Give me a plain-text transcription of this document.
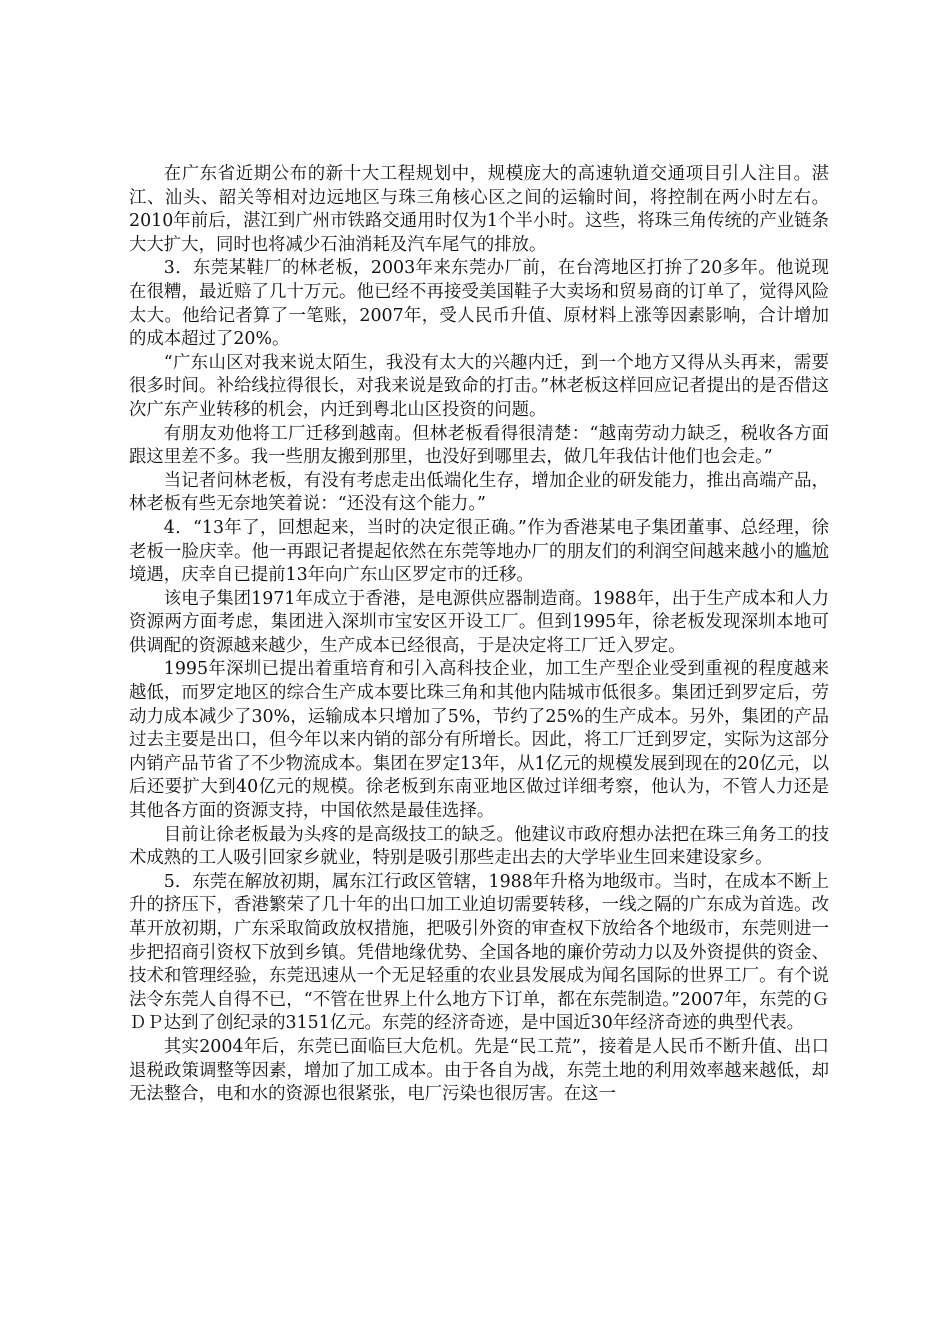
在广东省近期公布的新十大工程规划中，规模庞大的高速轨道交通项目引人注目。湛江、汕头、韶关等相对边远地区与珠三角核心区之间的运输时间，将控制在两小时左右。2010年前后，湛江到广州市铁路交通用时仅为1个半小时。这些，将珠三角传统的产业链条大大扩大，同时也将减少石油消耗及汽车尾气的排放。

3．东莞某鞋厂的林老板，2003年来东莞办厂前，在台湾地区打拚了20多年。他说现在很糟，最近赔了几十万元。他已经不再接受美国鞋子大卖场和贸易商的订单了，觉得风险太大。他给记者算了一笔账，2007年，受人民币升值、原材料上涨等因素影响，合计增加的成本超过了20%。

“广东山区对我来说太陌生，我没有太大的兴趣内迁，到一个地方又得从头再来，需要很多时间。补给线拉得很长，对我来说是致命的打击。”林老板这样回应记者提出的是否借这次广东产业转移的机会，内迁到粤北山区投资的问题。

有朋友劝他将工厂迁移到越南。但林老板看得很清楚：“越南劳动力缺乏，税收各方面跟这里差不多。我一些朋友搬到那里，也没好到哪里去，做几年我估计他们也会走。”

当记者问林老板，有没有考虑走出低端化生存，增加企业的研发能力，推出高端产品，林老板有些无奈地笑着说：“还没有这个能力。”

4．“13年了，回想起来，当时的决定很正确。”作为香港某电子集团董事、总经理，徐老板一脸庆幸。他一再跟记者提起依然在东莞等地办厂的朋友们的利润空间越来越小的尴尬境遇，庆幸自已提前13年向广东山区罗定市的迁移。

该电子集团1971年成立于香港，是电源供应器制造商。1988年，出于生产成本和人力资源两方面考虑，集团进入深圳市宝安区开设工厂。但到1995年，徐老板发现深圳本地可供调配的资源越来越少，生产成本已经很高，于是决定将工厂迁入罗定。

1995年深圳已提出着重培育和引入高科技企业，加工生产型企业受到重视的程度越来越低，而罗定地区的综合生产成本要比珠三角和其他内陆城市低很多。集团迁到罗定后，劳动力成本减少了30%，运输成本只增加了5%，节约了25%的生产成本。另外，集团的产品过去主要是出口，但今年以来内销的部分有所增长。因此，将工厂迁到罗定，实际为这部分内销产品节省了不少物流成本。集团在罗定13年，从1亿元的规模发展到现在的20亿元，以后还要扩大到40亿元的规模。徐老板到东南亚地区做过详细考察，他认为，不管人力还是其他各方面的资源支持，中国依然是最佳选择。

目前让徐老板最为头疼的是高级技工的缺乏。他建议市政府想办法把在珠三角务工的技术成熟的工人吸引回家乡就业，特别是吸引那些走出去的大学毕业生回来建设家乡。

5．东莞在解放初期，属东江行政区管辖，1988年升格为地级市。当时，在成本不断上升的挤压下，香港繁荣了几十年的出口加工业迫切需要转移，一线之隔的广东成为首选。改革开放初期，广东采取简政放权措施，把吸引外资的审查权下放给各个地级市，东莞则进一步把招商引资权下放到乡镇。凭借地缘优势、全国各地的廉价劳动力以及外资提供的资金、技术和管理经验，东莞迅速从一个无足轻重的农业县发展成为闻名国际的世界工厂。有个说法令东莞人自得不已，“不管在世界上什么地方下订单，都在东莞制造。”2007年，东莞的ＧＤＰ达到了创纪录的3151亿元。东莞的经济奇迹，是中国近30年经济奇迹的典型代表。

其实2004年后，东莞已面临巨大危机。先是“民工荒”，接着是人民币不断升值、出口退税政策调整等因素，增加了加工成本。由于各自为战，东莞土地的利用效率越来越低，却无法整合，电和水的资源也很紧张，电厂污染也很厉害。在这一
